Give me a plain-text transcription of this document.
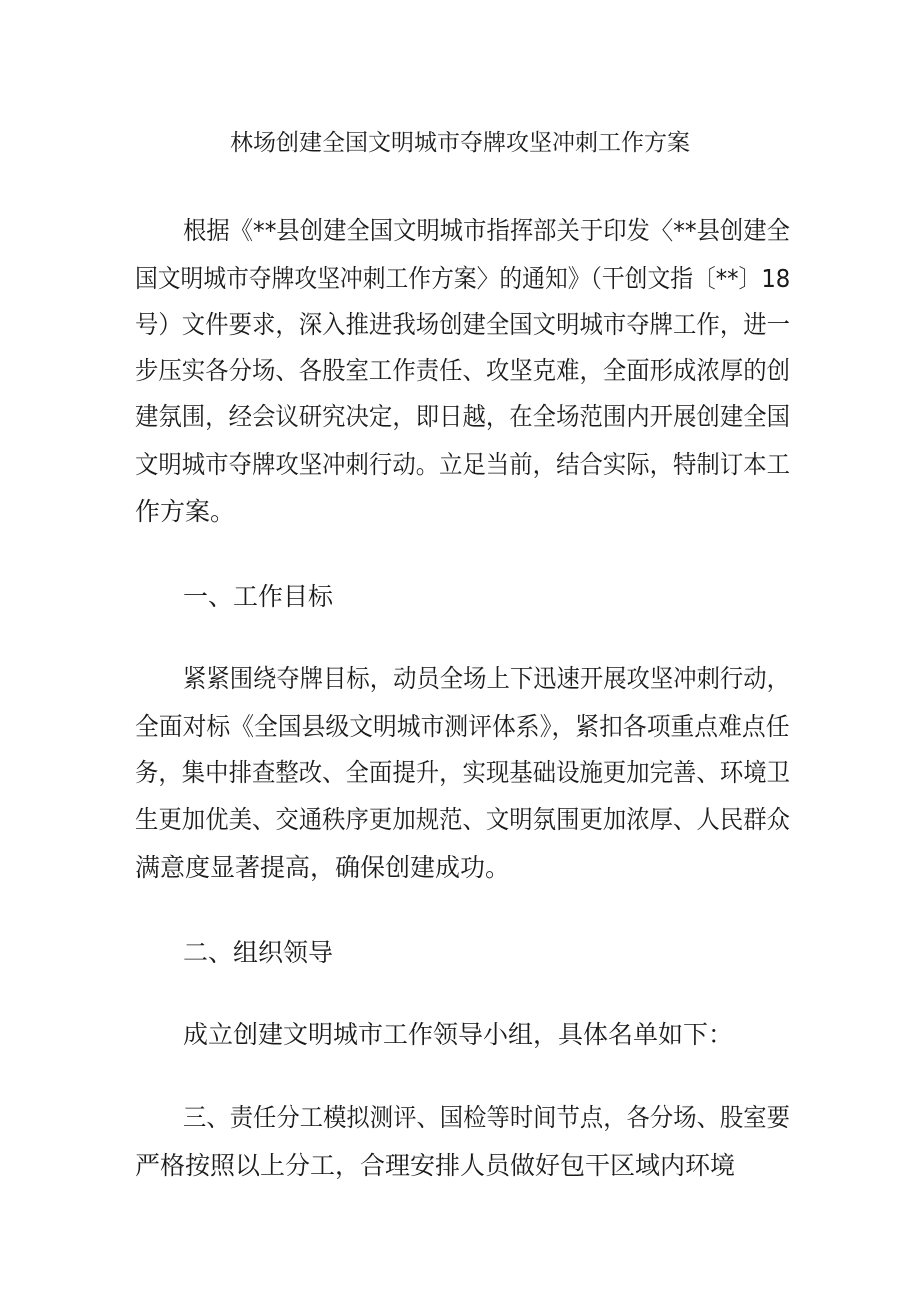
林场创建全国文明城市夺牌攻坚冲刺工作方案
根据《**县创建全国文明城市指挥部关于印发〈**县创建全
国文明城市夺牌攻坚冲刺工作方案〉的通知》（干创文指〔**〕18
号）文件要求，深入推进我场创建全国文明城市夺牌工作，进一
步压实各分场、各股室工作责任、攻坚克难，全面形成浓厚的创
建氛围，经会议研究决定，即日越，在全场范围内开展创建全国
文明城市夺牌攻坚冲刺行动。立足当前，结合实际，特制订本工
作方案。
一、工作目标
紧紧围绕夺牌目标，动员全场上下迅速开展攻坚冲刺行动，
全面对标《全国县级文明城市测评体系》，紧扣各项重点难点任
务，集中排查整改、全面提升，实现基础设施更加完善、环境卫
生更加优美、交通秩序更加规范、文明氛围更加浓厚、人民群众
满意度显著提高，确保创建成功。
二、组织领导
成立创建文明城市工作领导小组，具体名单如下：
三、责任分工模拟测评、国检等时间节点，各分场、股室要
严格按照以上分工，合理安排人员做好包干区域内环境
